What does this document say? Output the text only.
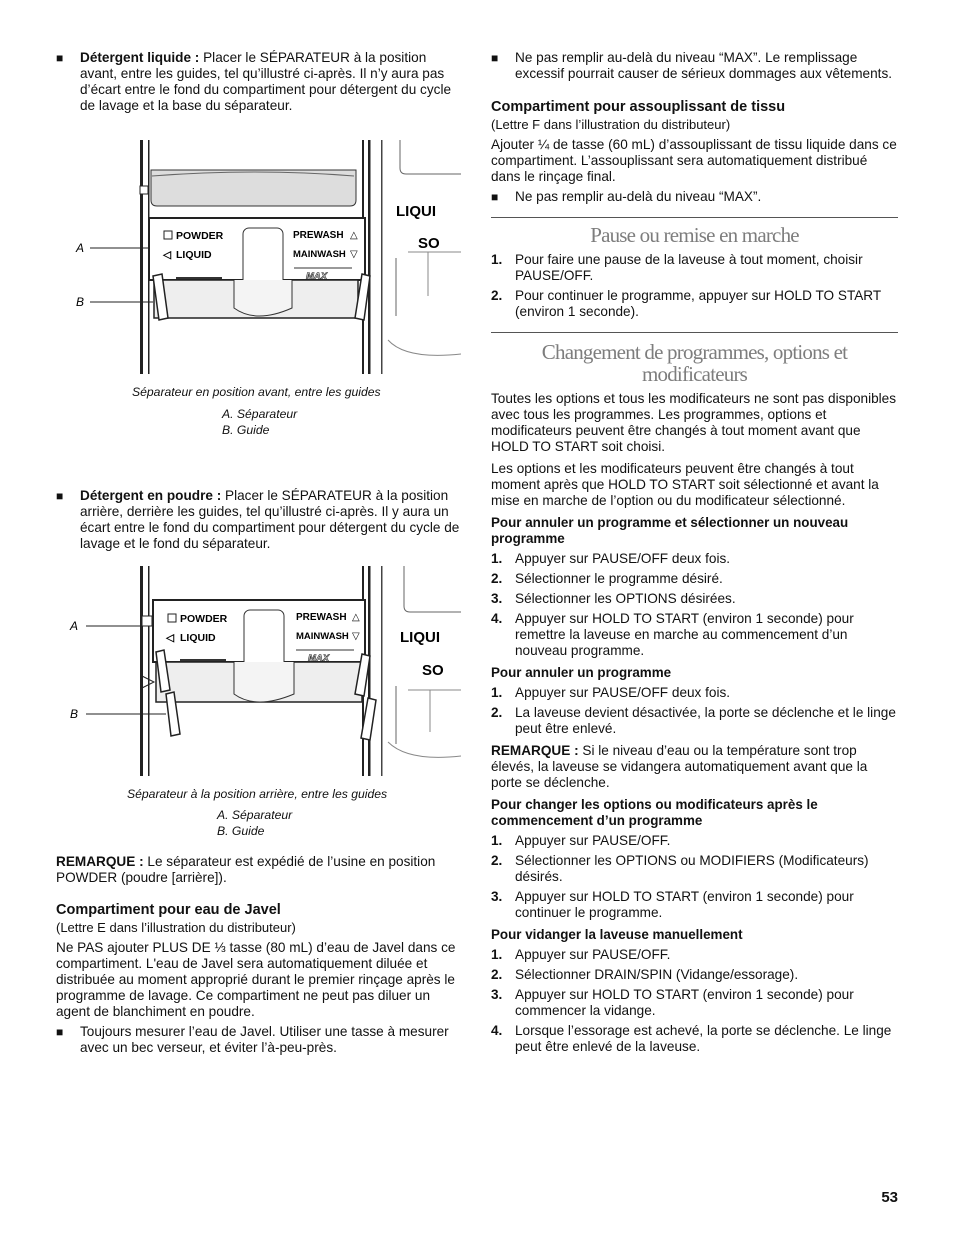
■ Détergent liquide : Placer le SÉPARATEUR à la position avant, entre les guides, tel qu’illustré ci-après. Il n’y aura pas d’écart entre le fond du compartiment pour détergent du cycle de lavage et la base du séparateur.
POWDER
◁ LIQUID
PREWASH △
MAINWASH ▽
MAX
LIQUI
SO
A
B
Séparateur en position avant, entre les guides
A. Séparateur
B. Guide
■ Détergent en poudre : Placer le SÉPARATEUR à la position arrière, derrière les guides, tel qu’illustré ci-après. Il y aura un écart entre le fond du compartiment pour détergent du cycle de lavage et le fond du séparateur.
POWDER
◁ LIQUID
PREWASH △
MAINWASH ▽
MAX
LIQUI
SO
A
B
Séparateur à la position arrière, entre les guides
A. Séparateur
B. Guide

REMARQUE : Le séparateur est expédié de l’usine en position POWDER (poudre [arrière]).

Compartiment pour eau de Javel

(Lettre E dans l’illustration du distributeur)

Ne PAS ajouter PLUS DE ⅓ tasse (80 mL) d’eau de Javel dans ce compartiment. L'eau de Javel sera automatiquement diluée et distribuée au moment approprié durant le premier rinçage après le programme de lavage. Ce compartiment ne peut pas diluer un agent de blanchiment en poudre.

■ Toujours mesurer l’eau de Javel. Utiliser une tasse à mesurer avec un bec verseur, et éviter l’à-peu-près.
■ Ne pas remplir au-delà du niveau “MAX”. Le remplissage excessif pourrait causer de sérieux dommages aux vêtements.
Compartiment pour assouplissant de tissu

(Lettre F dans l’illustration du distributeur)

Ajouter ¼ de tasse (60 mL) d’assouplissant de tissu liquide dans ce compartiment. L’assouplissant sera automatiquement distribué dans le rinçage final.

■ Ne pas remplir au-delà du niveau “MAX”.
Pause ou remise en marche
1. Pour faire une pause de la laveuse à tout moment, choisir PAUSE/OFF.
2. Pour continuer le programme, appuyer sur HOLD TO START (environ 1 seconde).
Changement de programmes, options et
modificateurs

Toutes les options et tous les modificateurs ne sont pas disponibles avec tous les programmes. Les programmes, options et modificateurs peuvent être changés à tout moment avant que HOLD TO START soit choisi.

Les options et les modificateurs peuvent être changés à tout moment après que HOLD TO START soit sélectionné et avant la mise en marche de l’option ou du modificateur sélectionné.

Pour annuler un programme et sélectionner un nouveau programme
1. Appuyer sur PAUSE/OFF deux fois.
2. Sélectionner le programme désiré.
3. Sélectionner les OPTIONS désirées.
4. Appuyer sur HOLD TO START (environ 1 seconde) pour remettre la laveuse en marche au commencement d’un nouveau programme.
Pour annuler un programme
1. Appuyer sur PAUSE/OFF deux fois.
2. La laveuse devient désactivée, la porte se déclenche et le linge peut être enlevé.

REMARQUE : Si le niveau d’eau ou la température sont trop élevés, la laveuse se vidangera automatiquement avant que la porte se déclenche.

Pour changer les options ou modificateurs après le commencement d’un programme
1. Appuyer sur PAUSE/OFF.
2. Sélectionner les OPTIONS ou MODIFIERS (Modificateurs) désirés.
3. Appuyer sur HOLD TO START (environ 1 seconde) pour continuer le programme.
Pour vidanger la laveuse manuellement
1. Appuyer sur PAUSE/OFF.
2. Sélectionner DRAIN/SPIN (Vidange/essorage).
3. Appuyer sur HOLD TO START (environ 1 seconde) pour commencer la vidange.
4. Lorsque l’essorage est achevé, la porte se déclenche. Le linge peut être enlevé de la laveuse.
53
